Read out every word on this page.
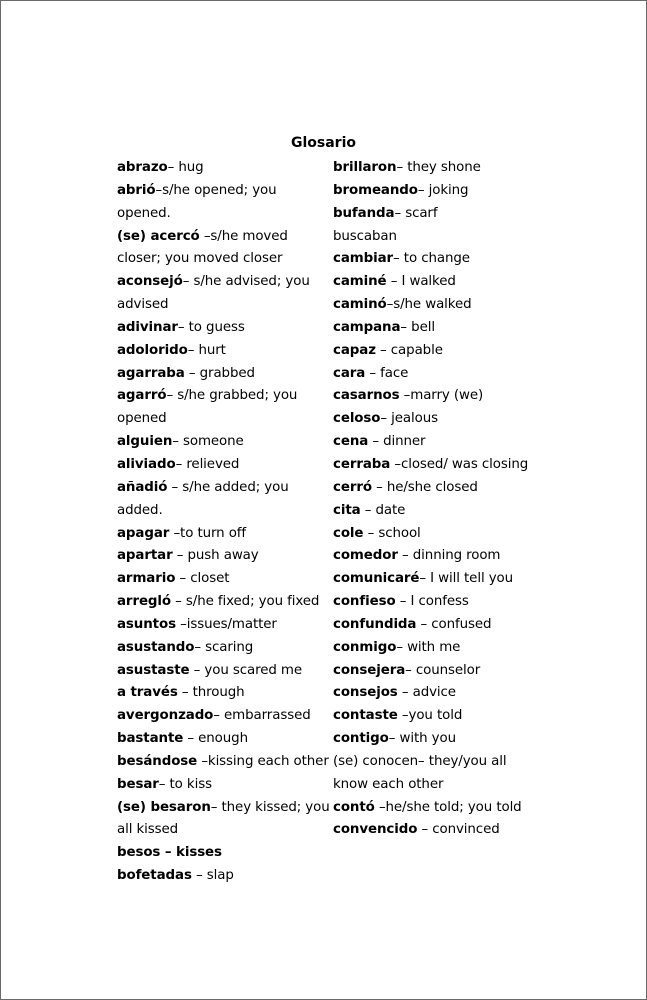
Glosario
abrazo– hug
abrió–s/he opened; you
opened.
(se) acercó –s/he moved
closer; you moved closer
aconsejó– s/he advised; you
advised
adivinar– to guess
adolorido– hurt
agarraba – grabbed
agarró– s/he grabbed; you
opened
alguien– someone
aliviado– relieved
añadió – s/he added; you
added.
apagar –to turn off
apartar – push away
armario – closet
arregló – s/he fixed; you fixed
asuntos –issues/matter
asustando– scaring
asustaste – you scared me
a través – through
avergonzado– embarrassed
bastante – enough
besándose –kissing each other
besar– to kiss
(se) besaron– they kissed; you
all kissed
besos – kisses
bofetadas – slap
brillaron– they shone
bromeando– joking
bufanda– scarf
buscaban
cambiar– to change
caminé – I walked
caminó–s/he walked
campana– bell
capaz – capable
cara – face
casarnos –marry (we)
celoso– jealous
cena – dinner
cerraba –closed/ was closing
cerró – he/she closed
cita – date
cole – school
comedor – dinning room
comunicaré– I will tell you
confieso – I confess
confundida – confused
conmigo– with me
consejera– counselor
consejos – advice
contaste –you told
contigo– with you
(se) conocen– they/you all
know each other
contó –he/she told; you told
convencido – convinced
